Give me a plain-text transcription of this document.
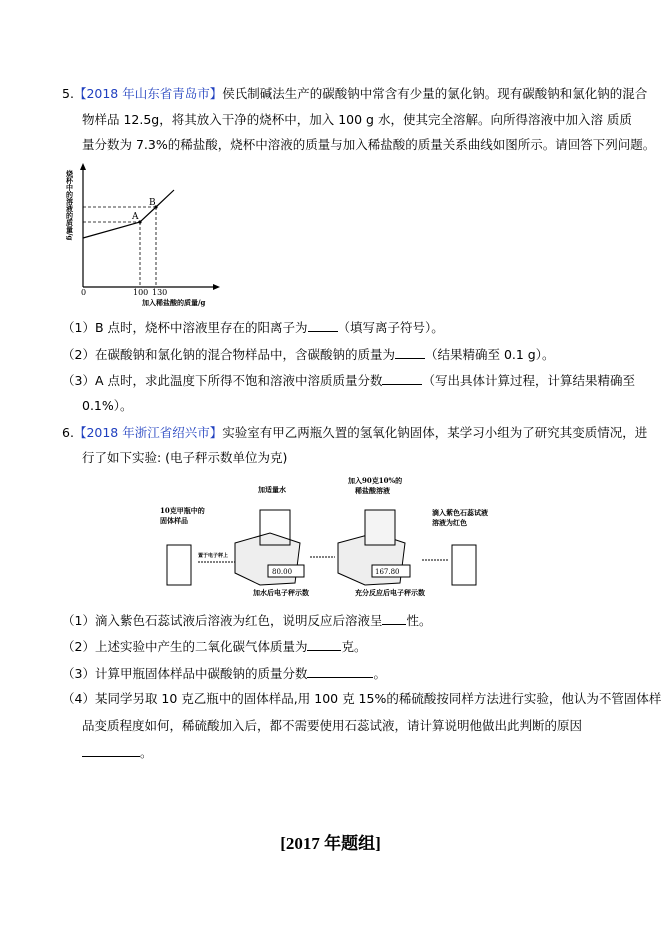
5.【2018 年山东省青岛市】侯氏制碱法生产的碳酸钠中常含有少量的氯化钠。现有碳酸钠和氯化钠的混合
物样品 12.5g，将其放入干净的烧杯中，加入 100 g 水，使其完全溶解。向所得溶液中加入溶 质质
量分数为 7.3%的稀盐酸，烧杯中溶液的质量与加入稀盐酸的质量关系曲线如图所示。请回答下列问题。
A
B
0	100 130
加入稀盐酸的质量/g
烧杯中的溶液的质量/g
（1）B 点时，烧杯中溶液里存在的阳离子为 （填写离子符号）。
（2）在碳酸钠和氯化钠的混合物样品中，含碳酸钠的质量为 （结果精确至 0.1 g）。
（3）A 点时，求此温度下所得不饱和溶液中溶质质量分数	（写出具体计算过程，计算结果精确至
0.1%）。
6.【2018 年浙江省绍兴市】实验室有甲乙两瓶久置的氢氧化钠固体，某学习小组为了研究其变质情况，进
行了如下实验: (电子秤示数单位为克)
10克甲瓶中的
固体样品
置于电子秤上
加适量水
80.00
加水后电子秤示数
加入90克10%的
稀盐酸溶液
167.80
充分反应后电子秤示数
滴入紫色石蕊试液
溶液为红色
（1）滴入紫色石蕊试液后溶液为红色，说明反应后溶液呈 性。
（2）上述实验中产生的二氧化碳气体质量为	克。
（3）计算甲瓶固体样品中碳酸钠的质量分数	。
（4）某同学另取 10 克乙瓶中的固体样品,用 100 克 15%的稀硫酸按同样方法进行实验，他认为不管固体样
品变质程度如何，稀硫酸加入后，都不需要使用石蕊试液，请计算说明他做出此判断的原因
。
[2017 年题组]
